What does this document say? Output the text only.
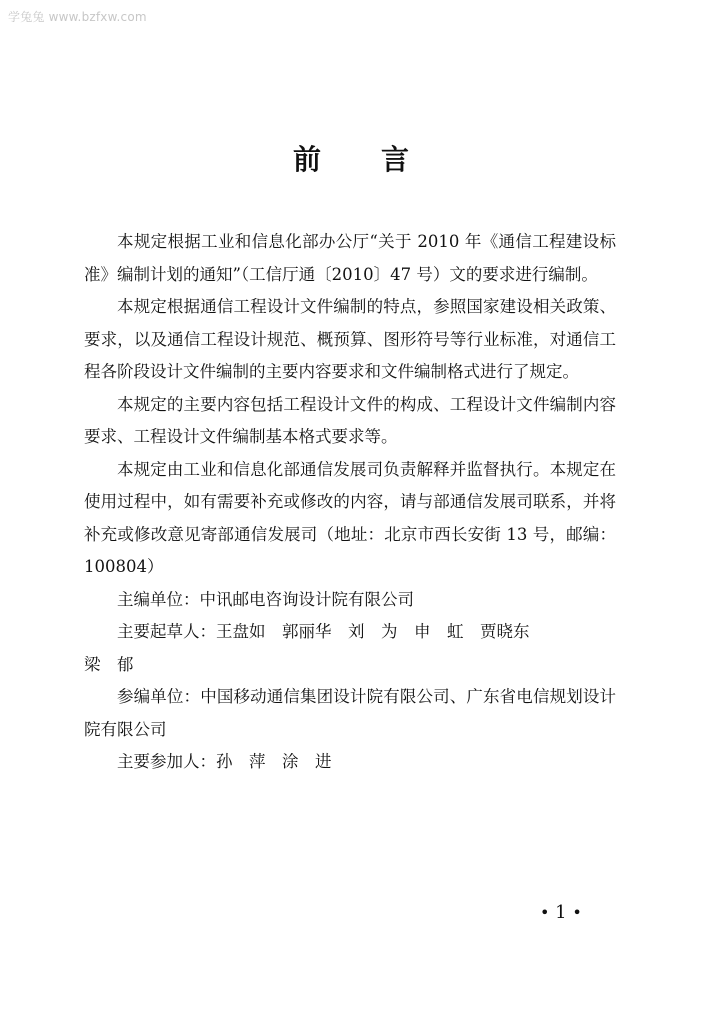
学兔兔 www.bzfxw.com
前 言

本规定根据工业和信息化部办公厅“关于 2010 年《通信工程建设标准》编制计划的通知”（工信厅通〔2010〕47 号）文的要求进行编制。

本规定根据通信工程设计文件编制的特点，参照国家建设相关政策、要求，以及通信工程设计规范、概预算、图形符号等行业标准，对通信工程各阶段设计文件编制的主要内容要求和文件编制格式进行了规定。

本规定的主要内容包括工程设计文件的构成、工程设计文件编制内容要求、工程设计文件编制基本格式要求等。

本规定由工业和信息化部通信发展司负责解释并监督执行。本规定在使用过程中，如有需要补充或修改的内容，请与部通信发展司联系，并将补充或修改意见寄部通信发展司（地址：北京市西长安街 13 号，邮编：100804）

主编单位：中讯邮电咨询设计院有限公司

主要起草人：王盘如　 郭丽华　 刘　为　 申　虹　 贾晓东

梁　郁

参编单位：中国移动通信集团设计院有限公司、广东省电信规划设计院有限公司

主要参加人：孙　萍　 涂　进

• 1 •
